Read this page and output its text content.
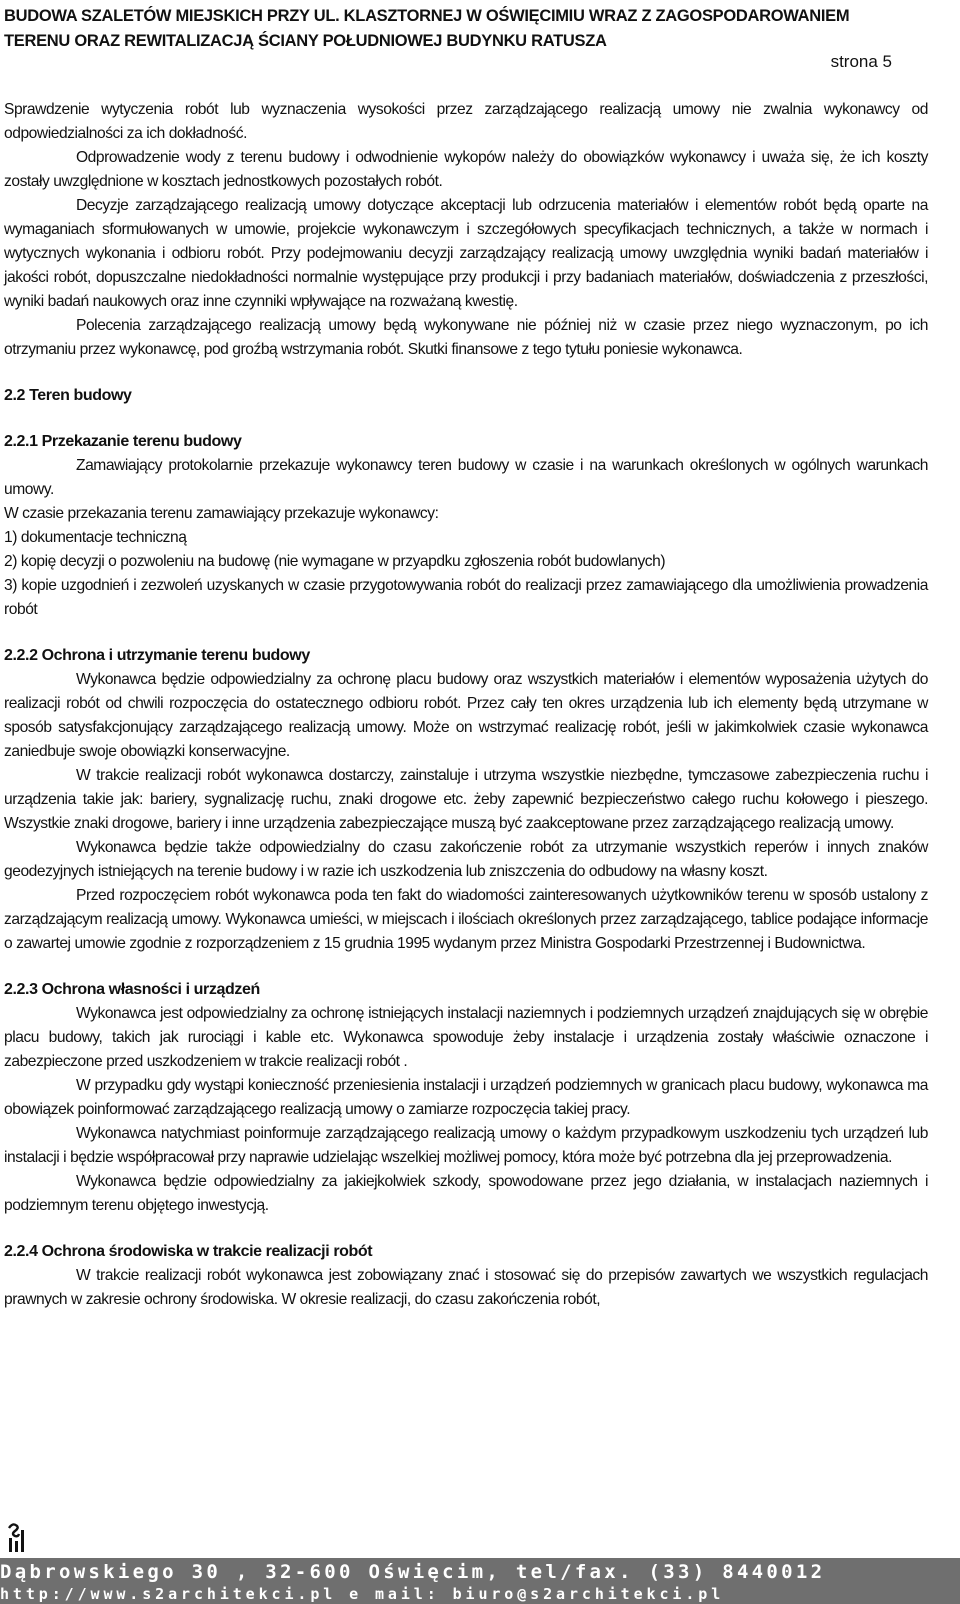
BUDOWA SZALETÓW MIEJSKICH PRZY UL. KLASZTORNEJ W OŚWIĘCIMIU WRAZ Z ZAGOSPODAROWANIEM
TERENU ORAZ REWITALIZACJĄ ŚCIANY POŁUDNIOWEJ BUDYNKU RATUSZA
strona 5

Sprawdzenie wytyczenia robót lub wyznaczenia wysokości przez zarządzającego realizacją umowy nie zwalnia wykonawcy od odpowiedzialności za ich dokładność.

Odprowadzenie wody z terenu budowy i odwodnienie wykopów należy do obowiązków wykonawcy i uważa się, że ich koszty zostały uwzględnione w kosztach jednostkowych pozostałych robót.

Decyzje zarządzającego realizacją umowy dotyczące akceptacji lub odrzucenia materiałów i elementów robót będą oparte na wymaganiach sformułowanych w umowie, projekcie wykonawczym i szczegółowych specyfikacjach technicznych, a także w normach i wytycznych wykonania i odbioru robót. Przy podejmowaniu decyzji zarządzający realizacją umowy uwzględnia wyniki badań materiałów i jakości robót, dopuszczalne niedokładności normalnie występujące przy produkcji i przy badaniach materiałów, doświadczenia z przeszłości, wyniki badań naukowych oraz inne czynniki wpływające na rozważaną kwestię.

Polecenia zarządzającego realizacją umowy będą wykonywane nie później niż w czasie przez niego wyznaczonym, po ich otrzymaniu przez wykonawcę, pod groźbą wstrzymania robót. Skutki finansowe z tego tytułu poniesie wykonawca.

2.2 Teren budowy
2.2.1 Przekazanie terenu budowy

Zamawiający protokolarnie przekazuje wykonawcy teren budowy w czasie i na warunkach określonych w ogólnych warunkach umowy.

W czasie przekazania terenu zamawiający przekazuje wykonawcy:

1) dokumentacje techniczną

2) kopię decyzji o pozwoleniu na budowę (nie wymagane w przyapdku zgłoszenia robót budowlanych)

3) kopie uzgodnień i zezwoleń uzyskanych w czasie przygotowywania robót do realizacji przez zamawiającego dla umożliwienia prowadzenia robót

2.2.2 Ochrona i utrzymanie terenu budowy

Wykonawca będzie odpowiedzialny za ochronę placu budowy oraz wszystkich materiałów i elementów wyposażenia użytych do realizacji robót od chwili rozpoczęcia do ostatecznego odbioru robót. Przez cały ten okres urządzenia lub ich elementy będą utrzymane w sposób satysfakcjonujący zarządzającego realizacją umowy. Może on wstrzymać realizację robót, jeśli w jakimkolwiek czasie wykonawca zaniedbuje swoje obowiązki konserwacyjne.

W trakcie realizacji robót wykonawca dostarczy, zainstaluje i utrzyma wszystkie niezbędne, tymczasowe zabezpieczenia ruchu i urządzenia takie jak: bariery, sygnalizację ruchu, znaki drogowe etc. żeby zapewnić bezpieczeństwo całego ruchu kołowego i pieszego. Wszystkie znaki drogowe, bariery i inne urządzenia zabezpieczające muszą być zaakceptowane przez zarządzającego realizacją umowy.

Wykonawca będzie także odpowiedzialny do czasu zakończenie robót za utrzymanie wszystkich reperów i innych znaków geodezyjnych istniejących na terenie budowy i w razie ich uszkodzenia lub zniszczenia do odbudowy na własny koszt.

Przed rozpoczęciem robót wykonawca poda ten fakt do wiadomości zainteresowanych użytkowników terenu w sposób ustalony z zarządzającym realizacją umowy. Wykonawca umieści, w miejscach i ilościach określonych przez zarządzającego, tablice podające informacje o zawartej umowie zgodnie z rozporządzeniem z 15 grudnia 1995 wydanym przez Ministra Gospodarki Przestrzennej i Budownictwa.

2.2.3 Ochrona własności i urządzeń

Wykonawca jest odpowiedzialny za ochronę istniejących instalacji naziemnych i podziemnych urządzeń znajdujących się w obrębie placu budowy, takich jak rurociągi i kable etc. Wykonawca spowoduje żeby instalacje i urządzenia zostały właściwie oznaczone i zabezpieczone przed uszkodzeniem w trakcie realizacji robót .

W przypadku gdy wystąpi konieczność przeniesienia instalacji i urządzeń podziemnych w granicach placu budowy, wykonawca ma obowiązek poinformować zarządzającego realizacją umowy o zamiarze rozpoczęcia takiej pracy.

Wykonawca natychmiast poinformuje zarządzającego realizacją umowy o każdym przypadkowym uszkodzeniu tych urządzeń lub instalacji i będzie współpracował przy naprawie udzielając wszelkiej możliwej pomocy, która może być potrzebna dla jej przeprowadzenia.

Wykonawca będzie odpowiedzialny za jakiejkolwiek szkody, spowodowane przez jego działania, w instalacjach naziemnych i podziemnym terenu objętego inwestycją.

2.2.4 Ochrona środowiska w trakcie realizacji robót

W trakcie realizacji robót wykonawca jest zobowiązany znać i stosować się do przepisów zawartych we wszystkich regulacjach prawnych w zakresie ochrony środowiska. W okresie realizacji, do czasu zakończenia robót,

Dąbrowskiego 30 , 32-600 Oświęcim, tel/fax. (33) 8440012
http://www.s2architekci.pl e mail: biuro@s2architekci.pl
